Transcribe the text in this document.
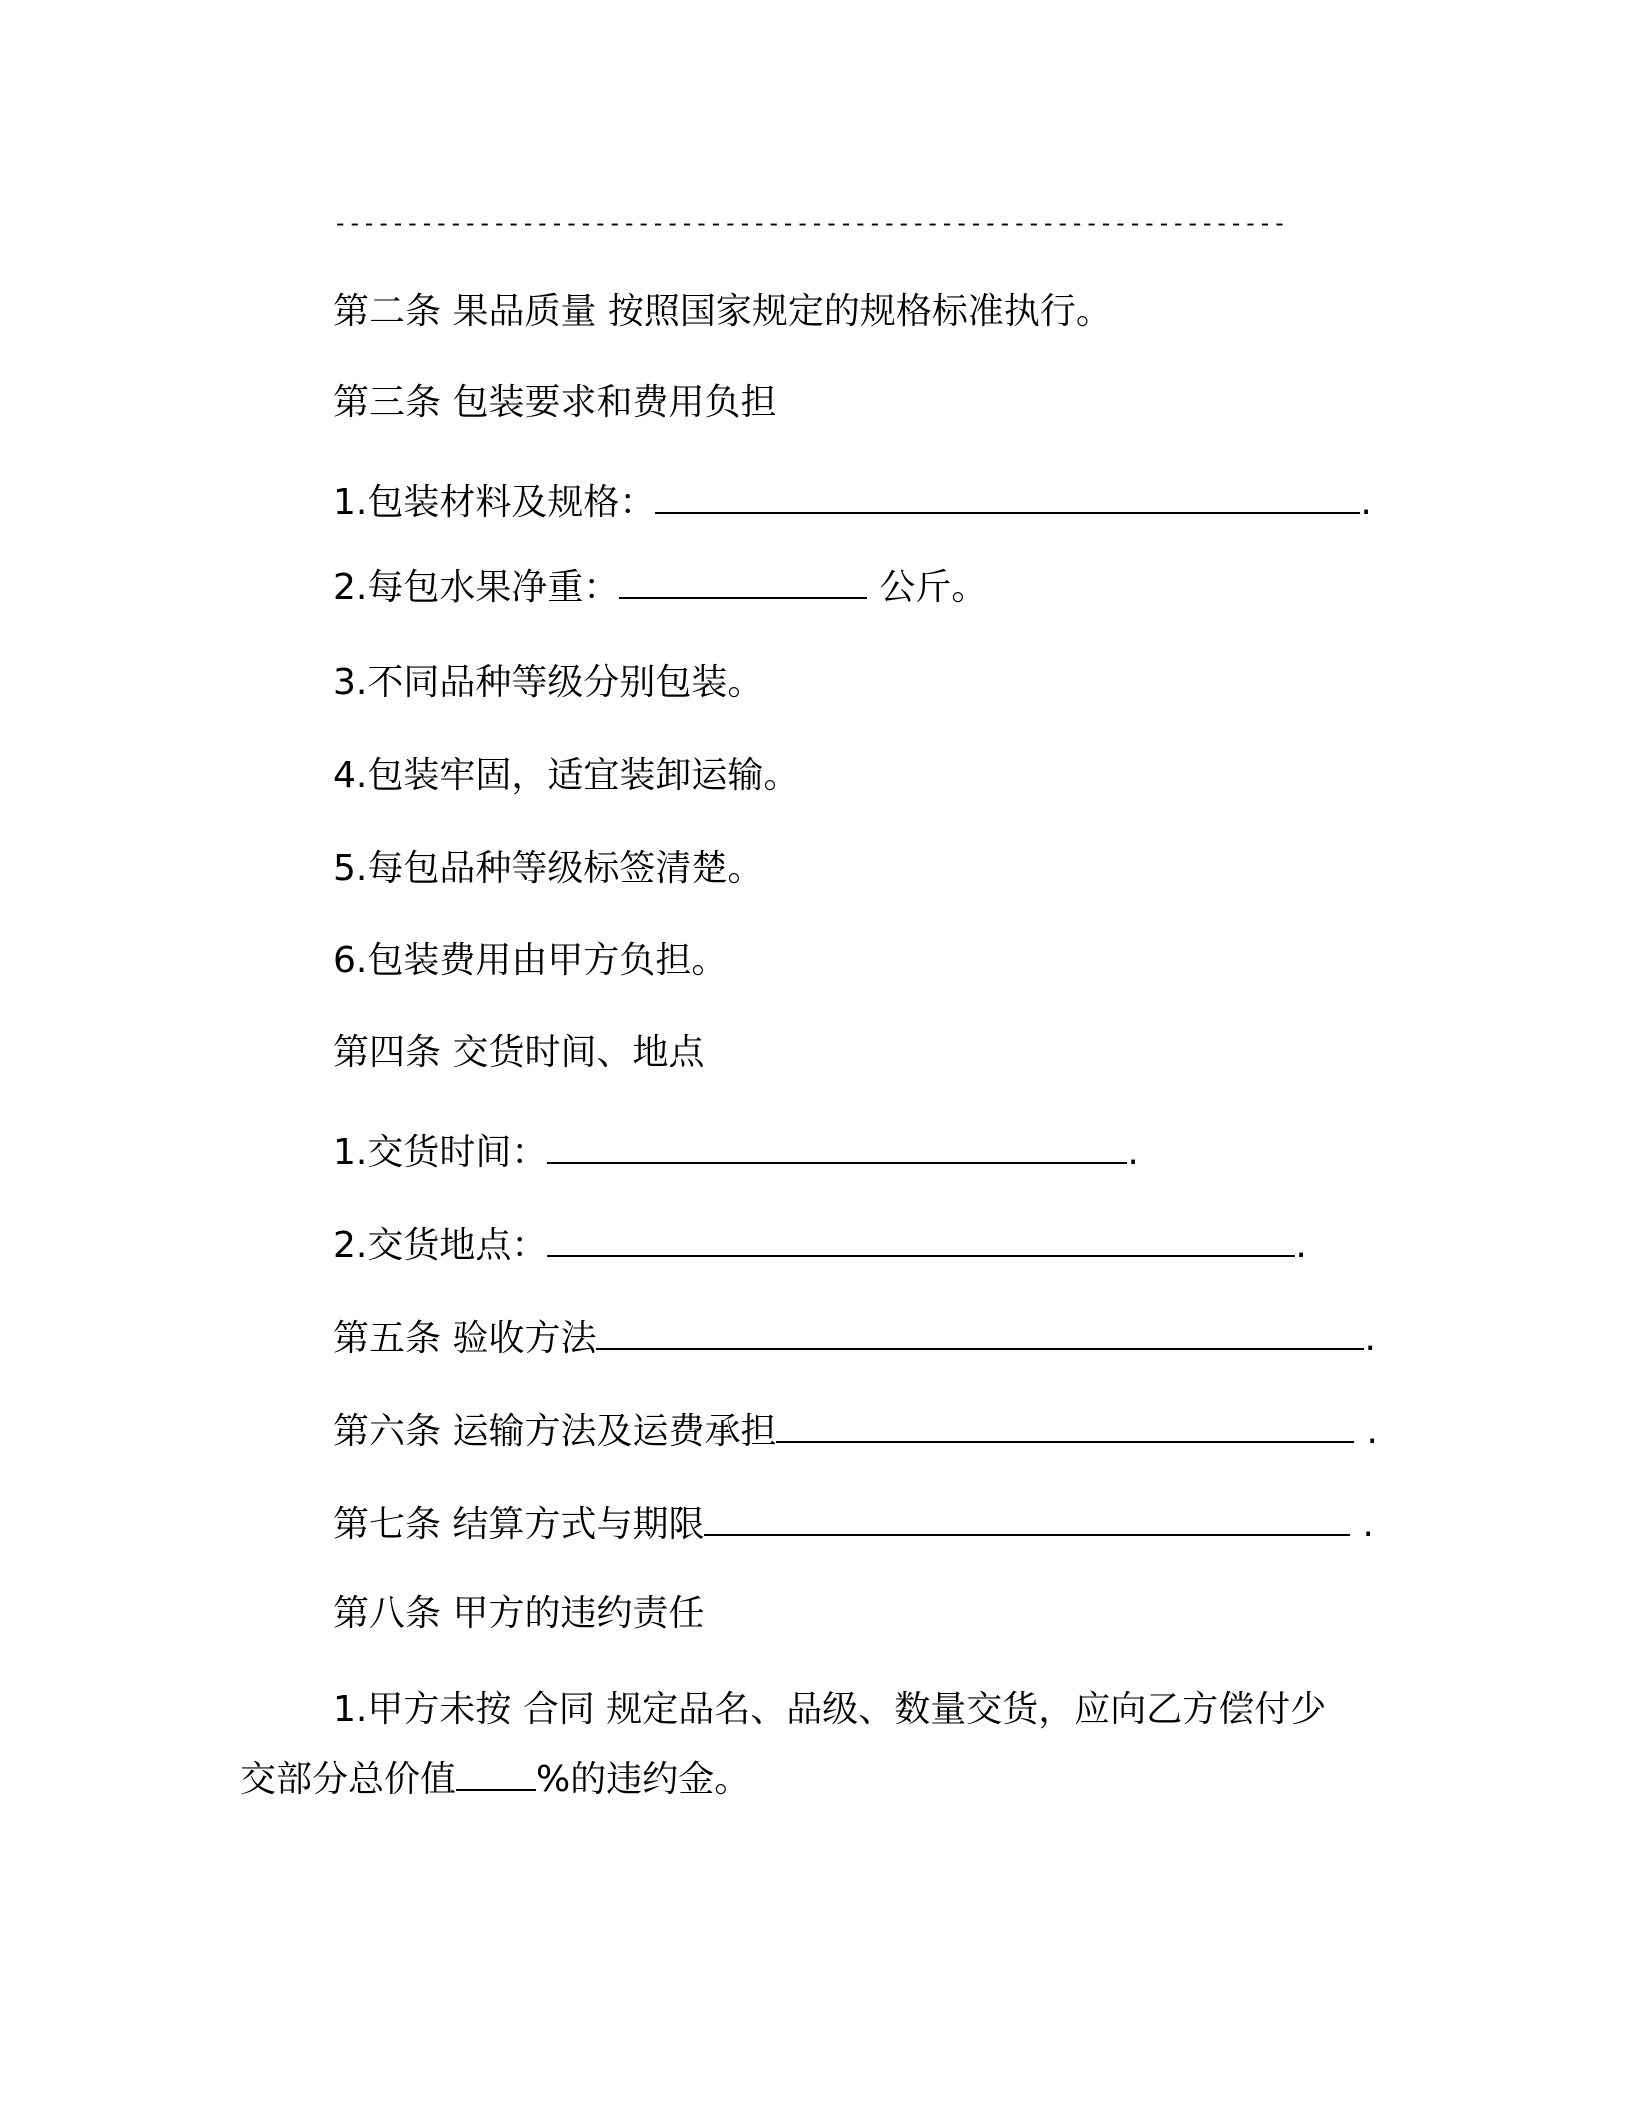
------------------------------------------------------------------

第二条 果品质量 按照国家规定的规格标准执行。

第三条 包装要求和费用负担

1.包装材料及规格：	.

2.每包水果净重：	公斤。

3.不同品种等级分别包装。

4.包装牢固，适宜装卸运输。

5.每包品种等级标签清楚。

6.包装费用由甲方负担。

第四条 交货时间、地点

1.交货时间：	.

2.交货地点：	.

第五条 验收方法	.

第六条 运输方法及运费承担	.

第七条 结算方式与期限	.

第八条 甲方的违约责任

1.甲方未按 合同 规定品名、品级、数量交货，应向乙方偿付少

交部分总价值 %的违约金。
